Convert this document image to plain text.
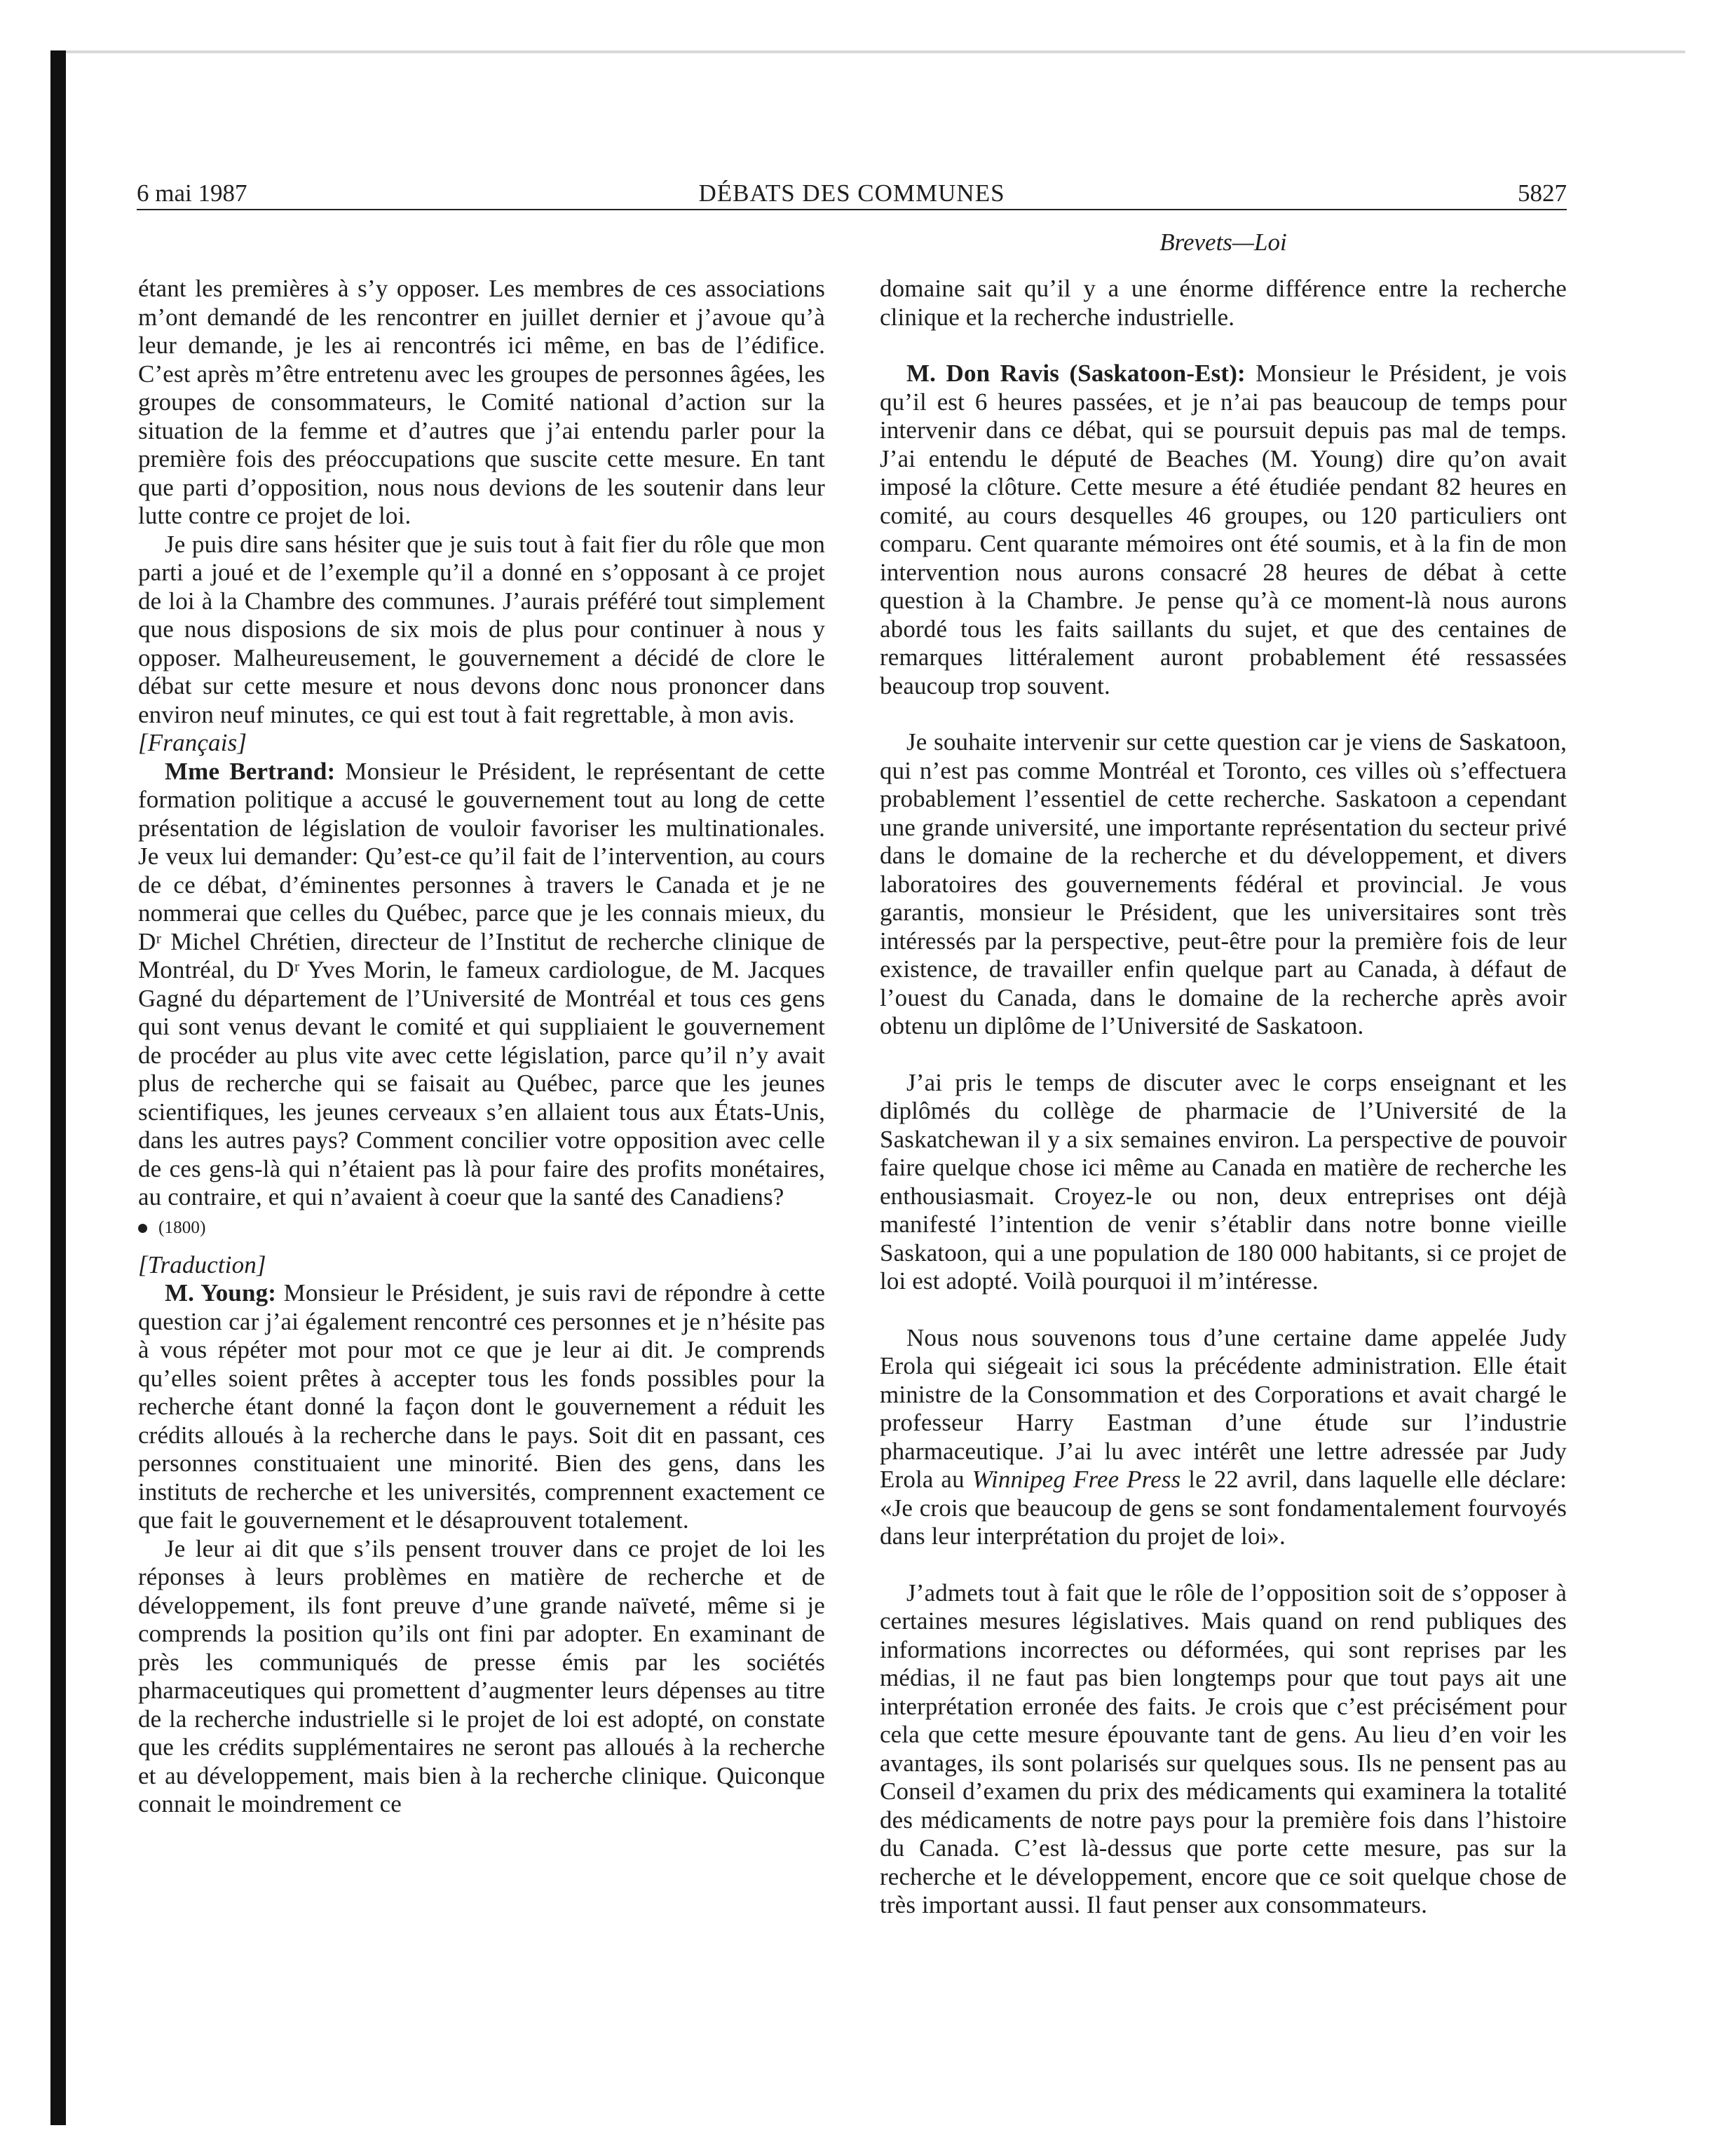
6 mai 1987	DÉBATS DES COMMUNES	5827
Brevets—Loi

étant les premières à s’y opposer. Les membres de ces associations m’ont demandé de les rencontrer en juillet dernier et j’avoue qu’à leur demande, je les ai rencontrés ici même, en bas de l’édifice. C’est après m’être entretenu avec les groupes de personnes âgées, les groupes de consommateurs, le Comité national d’action sur la situation de la femme et d’autres que j’ai entendu parler pour la première fois des préoccupations que suscite cette mesure. En tant que parti d’opposition, nous nous devions de les soutenir dans leur lutte contre ce projet de loi.

Je puis dire sans hésiter que je suis tout à fait fier du rôle que mon parti a joué et de l’exemple qu’il a donné en s’opposant à ce projet de loi à la Chambre des communes. J’aurais préféré tout simplement que nous disposions de six mois de plus pour continuer à nous y opposer. Malheureusement, le gouvernement a décidé de clore le débat sur cette mesure et nous devons donc nous prononcer dans environ neuf minutes, ce qui est tout à fait regrettable, à mon avis.

[Français]

Mme Bertrand: Monsieur le Président, le représentant de cette formation politique a accusé le gouvernement tout au long de cette présentation de législation de vouloir favoriser les multinationales. Je veux lui demander: Qu’est-ce qu’il fait de l’intervention, au cours de ce débat, d’éminentes personnes à travers le Canada et je ne nommerai que celles du Québec, parce que je les connais mieux, du Dʳ Michel Chrétien, directeur de l’Institut de recherche clinique de Montréal, du Dʳ Yves Morin, le fameux cardiologue, de M. Jacques Gagné du département de l’Université de Montréal et tous ces gens qui sont venus devant le comité et qui suppliaient le gouvernement de procéder au plus vite avec cette législation, parce qu’il n’y avait plus de recherche qui se faisait au Québec, parce que les jeunes scientifiques, les jeunes cerveaux s’en allaient tous aux États-Unis, dans les autres pays? Comment concilier votre opposition avec celle de ces gens-là qui n’étaient pas là pour faire des profits monétaires, au contraire, et qui n’avaient à coeur que la santé des Canadiens?

(1800)

[Traduction]

M. Young: Monsieur le Président, je suis ravi de répondre à cette question car j’ai également rencontré ces personnes et je n’hésite pas à vous répéter mot pour mot ce que je leur ai dit. Je comprends qu’elles soient prêtes à accepter tous les fonds possibles pour la recherche étant donné la façon dont le gouvernement a réduit les crédits alloués à la recherche dans le pays. Soit dit en passant, ces personnes constituaient une minorité. Bien des gens, dans les instituts de recherche et les universités, comprennent exactement ce que fait le gouvernement et le désaprouvent totalement.

Je leur ai dit que s’ils pensent trouver dans ce projet de loi les réponses à leurs problèmes en matière de recherche et de développement, ils font preuve d’une grande naïveté, même si je comprends la position qu’ils ont fini par adopter. En examinant de près les communiqués de presse émis par les sociétés pharmaceutiques qui promettent d’augmenter leurs dépenses au titre de la recherche industrielle si le projet de loi est adopté, on constate que les crédits supplémentaires ne seront pas alloués à la recherche et au développement, mais bien à la recherche clinique. Quiconque connait le moindrement ce

domaine sait qu’il y a une énorme différence entre la recherche clinique et la recherche industrielle.

M. Don Ravis (Saskatoon-Est): Monsieur le Président, je vois qu’il est 6 heures passées, et je n’ai pas beaucoup de temps pour intervenir dans ce débat, qui se poursuit depuis pas mal de temps. J’ai entendu le député de Beaches (M. Young) dire qu’on avait imposé la clôture. Cette mesure a été étudiée pendant 82 heures en comité, au cours desquelles 46 groupes, ou 120 particuliers ont comparu. Cent quarante mémoires ont été soumis, et à la fin de mon intervention nous aurons consacré 28 heures de débat à cette question à la Chambre. Je pense qu’à ce moment-là nous aurons abordé tous les faits saillants du sujet, et que des centaines de remarques littéralement auront probablement été ressassées beaucoup trop souvent.

Je souhaite intervenir sur cette question car je viens de Saskatoon, qui n’est pas comme Montréal et Toronto, ces villes où s’effectuera probablement l’essentiel de cette recherche. Saskatoon a cependant une grande université, une importante représentation du secteur privé dans le domaine de la recherche et du développement, et divers laboratoires des gouvernements fédéral et provincial. Je vous garantis, monsieur le Président, que les universitaires sont très intéressés par la perspective, peut-être pour la première fois de leur existence, de travailler enfin quelque part au Canada, à défaut de l’ouest du Canada, dans le domaine de la recherche après avoir obtenu un diplôme de l’Université de Saskatoon.

J’ai pris le temps de discuter avec le corps enseignant et les diplômés du collège de pharmacie de l’Université de la Saskatchewan il y a six semaines environ. La perspective de pouvoir faire quelque chose ici même au Canada en matière de recherche les enthousiasmait. Croyez-le ou non, deux entreprises ont déjà manifesté l’intention de venir s’établir dans notre bonne vieille Saskatoon, qui a une population de 180 000 habitants, si ce projet de loi est adopté. Voilà pourquoi il m’intéresse.

Nous nous souvenons tous d’une certaine dame appelée Judy Erola qui siégeait ici sous la précédente administration. Elle était ministre de la Consommation et des Corporations et avait chargé le professeur Harry Eastman d’une étude sur l’industrie pharmaceutique. J’ai lu avec intérêt une lettre adressée par Judy Erola au Winnipeg Free Press le 22 avril, dans laquelle elle déclare: «Je crois que beaucoup de gens se sont fondamentalement fourvoyés dans leur interprétation du projet de loi».

J’admets tout à fait que le rôle de l’opposition soit de s’opposer à certaines mesures législatives. Mais quand on rend publiques des informations incorrectes ou déformées, qui sont reprises par les médias, il ne faut pas bien longtemps pour que tout pays ait une interprétation erronée des faits. Je crois que c’est précisément pour cela que cette mesure épouvante tant de gens. Au lieu d’en voir les avantages, ils sont polarisés sur quelques sous. Ils ne pensent pas au Conseil d’examen du prix des médicaments qui examinera la totalité des médicaments de notre pays pour la première fois dans l’histoire du Canada. C’est là-dessus que porte cette mesure, pas sur la recherche et le développement, encore que ce soit quelque chose de très important aussi. Il faut penser aux consommateurs.
